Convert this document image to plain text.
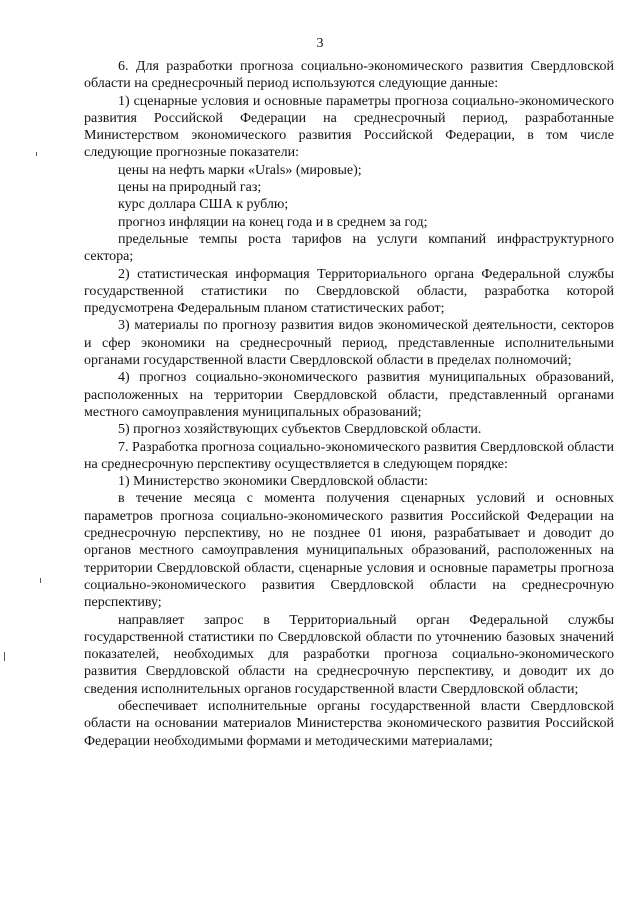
3

6. Для разработки прогноза социально-экономического развития Свердловской области на среднесрочный период используются следующие данные:

1) сценарные условия и основные параметры прогноза социально-экономического развития Российской Федерации на среднесрочный период, разработанные Министерством экономического развития Российской Федерации, в том числе следующие прогнозные показатели:

цены на нефть марки «Urals» (мировые);

цены на природный газ;

курс доллара США к рублю;

прогноз инфляции на конец года и в среднем за год;

предельные темпы роста тарифов на услуги компаний инфраструктурного сектора;

2) статистическая информация Территориального органа Федеральной службы государственной статистики по Свердловской области, разработка которой предусмотрена Федеральным планом статистических работ;

3) материалы по прогнозу развития видов экономической деятельности, секторов и сфер экономики на среднесрочный период, представленные исполнительными органами государственной власти Свердловской области в пределах полномочий;

4) прогноз социально-экономического развития муниципальных образований, расположенных на территории Свердловской области, представленный органами местного самоуправления муниципальных образований;

5) прогноз хозяйствующих субъектов Свердловской области.

7. Разработка прогноза социально-экономического развития Свердловской области на среднесрочную перспективу осуществляется в следующем порядке:

1) Министерство экономики Свердловской области:

в течение месяца с момента получения сценарных условий и основных параметров прогноза социально-экономического развития Российской Федерации на среднесрочную перспективу, но не позднее 01 июня, разрабатывает и доводит до органов местного самоуправления муниципальных образований, расположенных на территории Свердловской области, сценарные условия и основные параметры прогноза социально-экономического развития Свердловской области на среднесрочную перспективу;

направляет запрос в Территориальный орган Федеральной службы государственной статистики по Свердловской области по уточнению базовых значений показателей, необходимых для разработки прогноза социально-экономического развития Свердловской области на среднесрочную перспективу, и доводит их до сведения исполнительных органов государственной власти Свердловской области;

обеспечивает исполнительные органы государственной власти Свердловской области на основании материалов Министерства экономического развития Российской Федерации необходимыми формами и методическими материалами;
